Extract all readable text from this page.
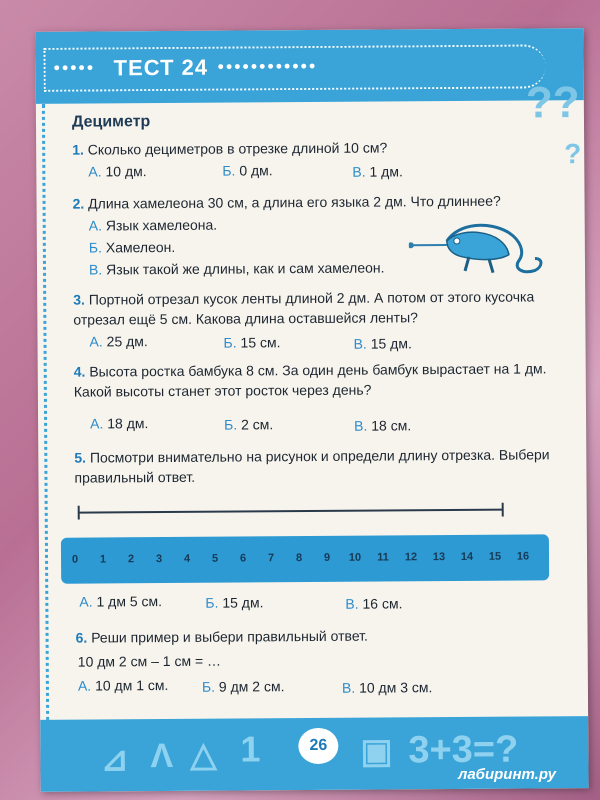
••••• ТЕСТ 24 ••••••••••••
??
?
Дециметр
1. Сколько дециметров в отрезке длиной 10 см?
А. 10 дм.	Б. 0 дм.	В. 1 дм.
2. Длина хамелеона 30 см, а длина его языка 2 дм. Что длиннее?
А. Язык хамелеона.
Б. Хамелеон.
В. Язык такой же длины, как и сам хамелеон.
3. Портной отрезал кусок ленты длиной 2 дм. А потом от этого кусочка отрезал ещё 5 см. Какова длина оставшейся ленты?
А. 25 дм.	Б. 15 см.	В. 15 дм.
4. Высота ростка бамбука 8 см. За один день бамбук вырастает на 1 дм. Какой высоты станет этот росток через день?
А. 18 дм.	Б. 2 см.	В. 18 см.
5. Посмотри внимательно на рисунок и определи длину отрезка. Выбери правильный ответ.
0	1	2	3	4	5	6	7	8	9	10	11	12	13	14	15	16
А. 1 дм 5 см.	Б. 15 дм.	В. 16 см.
6. Реши пример и выбери правильный ответ.
10 дм 2 см – 1 см = …
А. 10 дм 1 см. Б. 9 дм 2 см.	В. 10 дм 3 см.
⊿ Λ △ 1	▣ 3+3=?
26
лабиринт.ру
